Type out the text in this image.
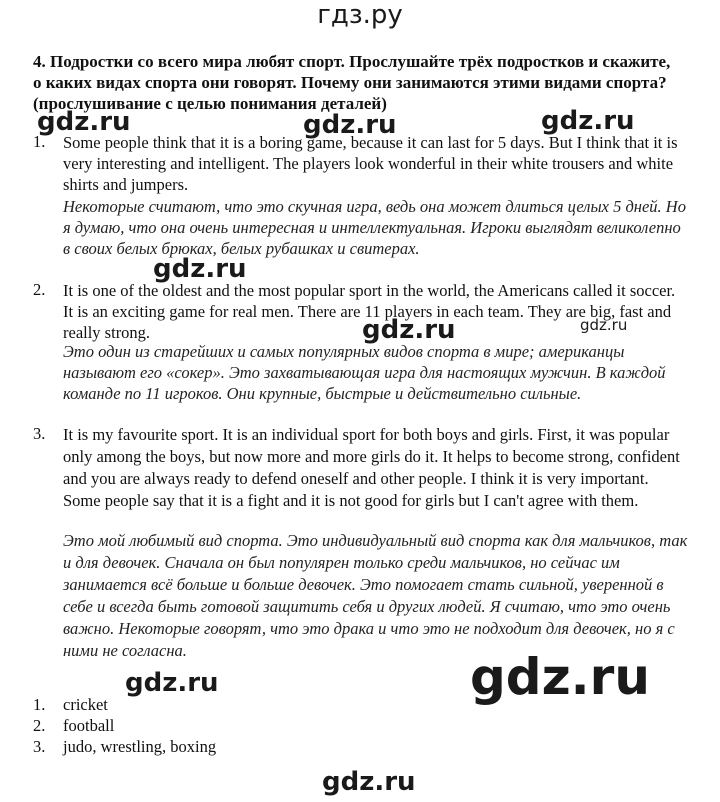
гдз.ру
4. Подростки со всего мира любят спорт. Прослушайте трёх подростков и скажите, о каких видах спорта они говорят. Почему они занимаются этими видами спорта? (прослушивание с целью понимания деталей)
1. Some people think that it is a boring game, because it can last for 5 days. But I think that it is very interesting and intelligent. The players look wonderful in their white trousers and white shirts and jumpers.
Некоторые считают, что это скучная игра, ведь она может длиться целых 5 дней. Но я думаю, что она очень интересная и интеллектуальная. Игроки выглядят великолепно в своих белых брюках, белых рубашках и свитерах.
2. It is one of the oldest and the most popular sport in the world, the Americans called it soccer. It is an exciting game for real men. There are 11 players in each team. They are big, fast and really strong.
Это один из старейших и самых популярных видов спорта в мире; американцы называют его «сокер». Это захватывающая игра для настоящих мужчин. В каждой команде по 11 игроков. Они крупные, быстрые и действительно сильные.
3. It is my favourite sport. It is an individual sport for both boys and girls. First, it was popular only among the boys, but now more and more girls do it. It helps to become strong, confident and you are always ready to defend oneself and other people. I think it is very important. Some people say that it is a fight and it is not good for girls but I can't agree with them.
Это мой любимый вид спорта. Это индивидуальный вид спорта как для мальчиков, так и для девочек. Сначала он был популярен только среди мальчиков, но сейчас им занимается всё больше и больше девочек. Это помогает стать сильной, уверенной в себе и всегда быть готовой защитить себя и других людей. Я считаю, что это очень важно. Некоторые говорят, что это драка и что это не подходит для девочек, но я с ними не согласна.
1. cricket
2. football
3. judo, wrestling, boxing
gdz.ru	gdz.ru	gdz.ru
gdz.ru
gdz.ru	gdz.ru
gdz.ru	gdz.ru
gdz.ru
